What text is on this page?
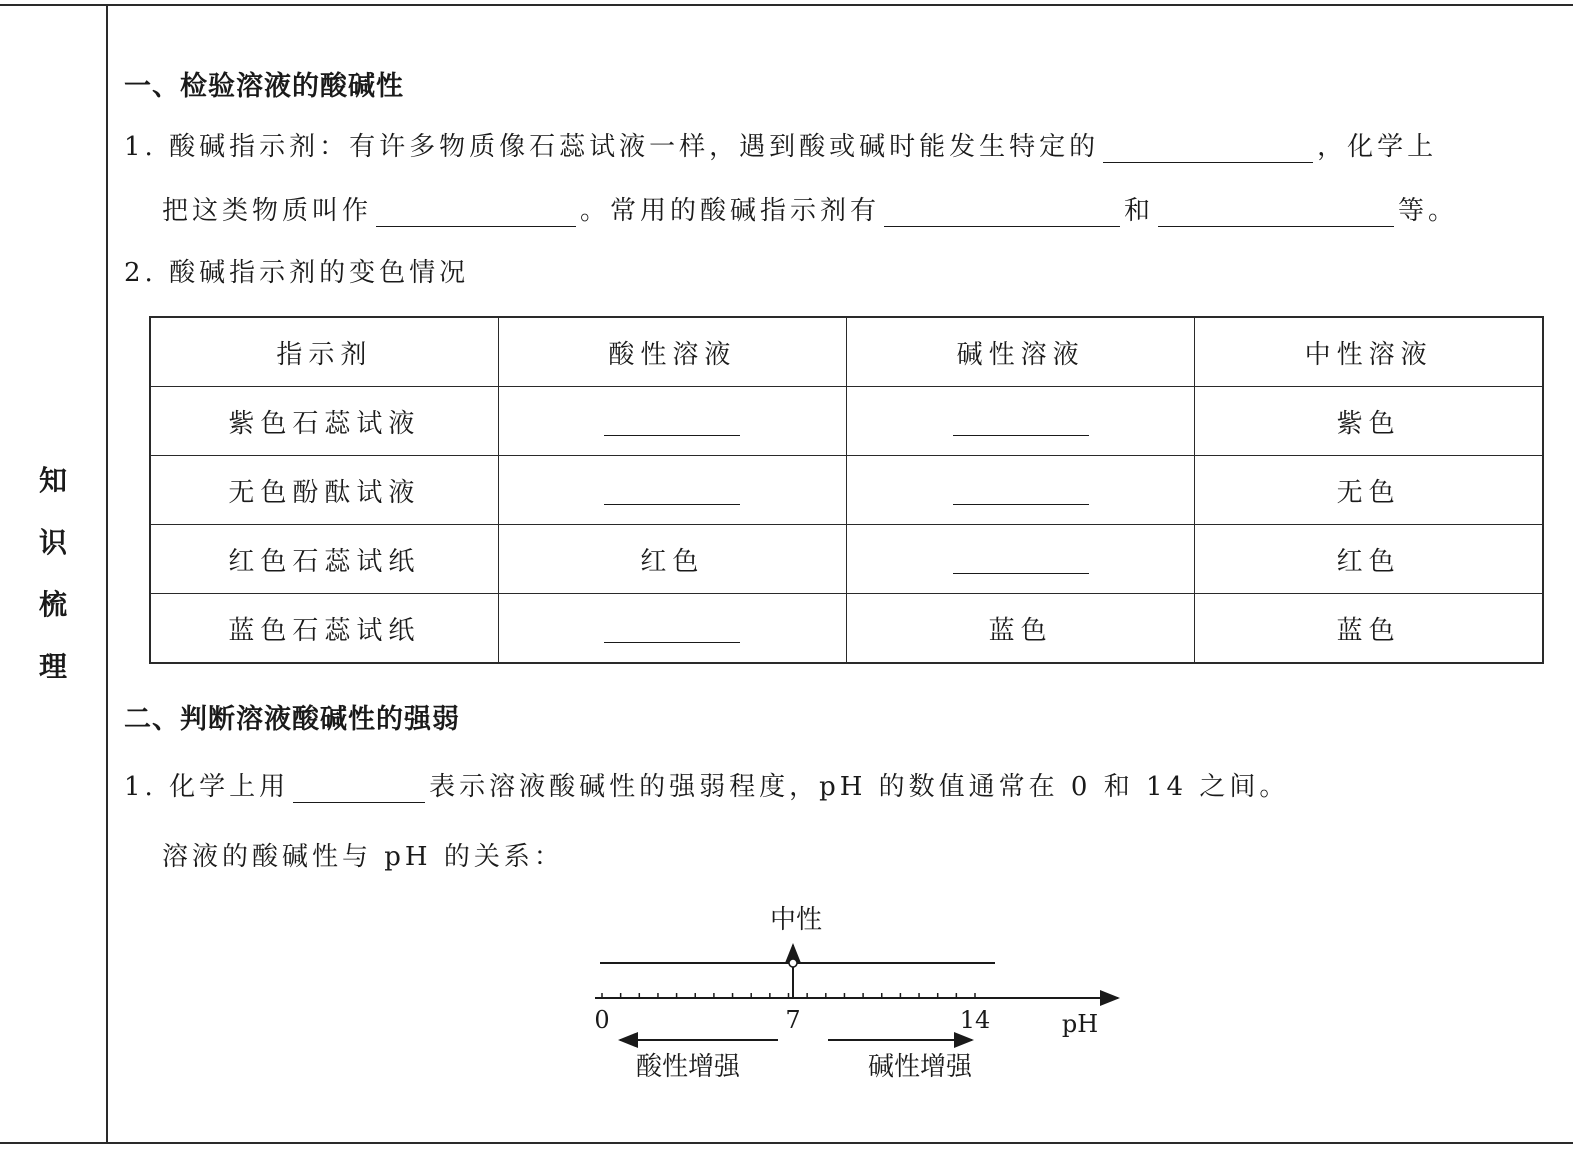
知
识
梳
理
一、检验溶液的酸碱性
1. 酸碱指示剂：有许多物质像石蕊试液一样，遇到酸或碱时能发生特定的	，化学上
把这类物质叫作	。常用的酸碱指示剂有	和	等。
2. 酸碱指示剂的变色情况
指示剂	酸性溶液	碱性溶液	中性溶液
紫色石蕊试液			紫色
无色酚酞试液			无色
红色石蕊试纸	红色		红色
蓝色石蕊试纸		蓝色	蓝色
二、判断溶液酸碱性的强弱
1. 化学上用	表示溶液酸碱性的强弱程度，pH 的数值通常在 0 和 14 之间。
溶液的酸碱性与 pH 的关系：
中性
0	7	14	pH
酸性增强	碱性增强
